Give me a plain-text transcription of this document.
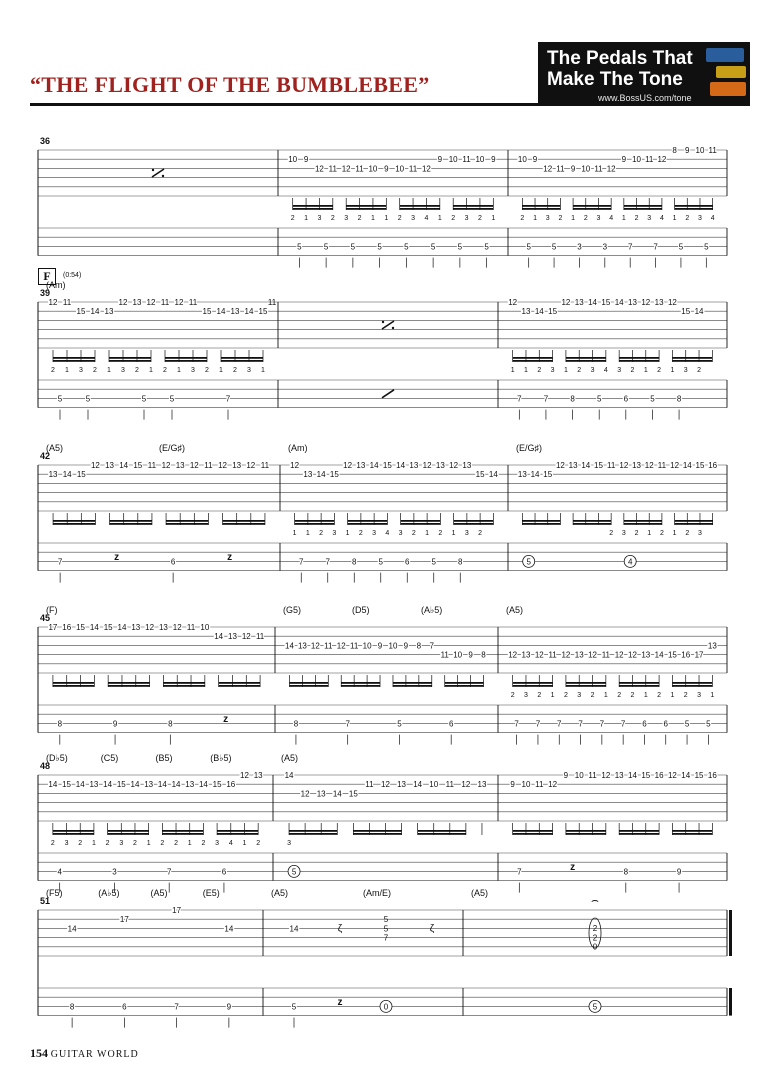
“THE FLIGHT OF THE BUMBLEBEE”
The Pedals That
Make The Tone
www.BossUS.com/tone
F	(0:54)
36
10 9
12 11 12 11 10 9 10 11 12
9 10 11 10 9
2 1 3 2 3 2 1 1 2 3 4 1 2 3 2 1
5	5	5	5	5	5	5	5
10 9
12 11 9 10 11 12
9 10 11 12
8 9 10 11
2 1 3 2 1 2 3 4 1 2 3 4 1 2 3 4
5	5	3	3	7	7	5	5
39
(Am)
12 11
15 14 13
12 13 12 11 12 11
15 14 13 14 15
11
2 1 3 2 1 3 2 1 2 1 3 2 1 2 3 1
5	5	5	5	7
12
13 14 15
12 13 14 15 14 13 12 13 12
15 14
1 1 2 3 1 2 3 4 3 2 1 2 1 3 2
7	7	8	5	6	5	8
42
(A5)	(E/G♯)
13 14 15
12 13 14 15 11 12 13 12 11 12 13 12 11
7	z	6	z
(Am)
12
13 14 15
12 13 14 15 14 13 12 13 12 13
15 14
1 1 2 3 1 2 3 4 3 2 1 2 1 3 2
7	7	8	5	6	5	8
(E/G♯)
13 14 15
12 13 14 15 11 12 13 12 11 12 14 15 16
2 3 2 1 2 1 2 3
5	4
45
(F)
17 16 15 14 15 14 13 12 13 12 11 10
14 13 12 11
8	9	8	z
(G5)	(D5)	(A♭5)
14 13 12 11 12 11 10 9 10 9 8 7
11 10 9 8
8	7	5	6
(A5)
12 13 12 11 12 13 12 11 12 12 13 14 15 16 17
13
2 3 2 1 2 3 2 1 2 2 1 2 1 2 3 1
7 7 7 7 7 7 6 6 5 5
48
(D♭5)	(C5)	(B5)	(B♭5)
14 15 14 13 14 15 14 13 14 14 13 14 15 16
12 13
2 3 2 1 2 3 2 1 2 2 1 2 3 4 1 2
4	3	7	6
(A5)
14
12 13 14 15
11 12 13 14 10 11 12 13
3
5
9 10 11 12
9 10 11 12 13 14 15 16 12 14 15 16
7	z	8	9
51
(F5)	(A♭5)	(A5)	(E5)
14
17
17
14
8	6	7	9
(A5)	(Am/E)
14	ζ
5
5
7
ζ
5	z	0
(A5)
2
2
0
⌢
5
154 GUITAR WORLD
